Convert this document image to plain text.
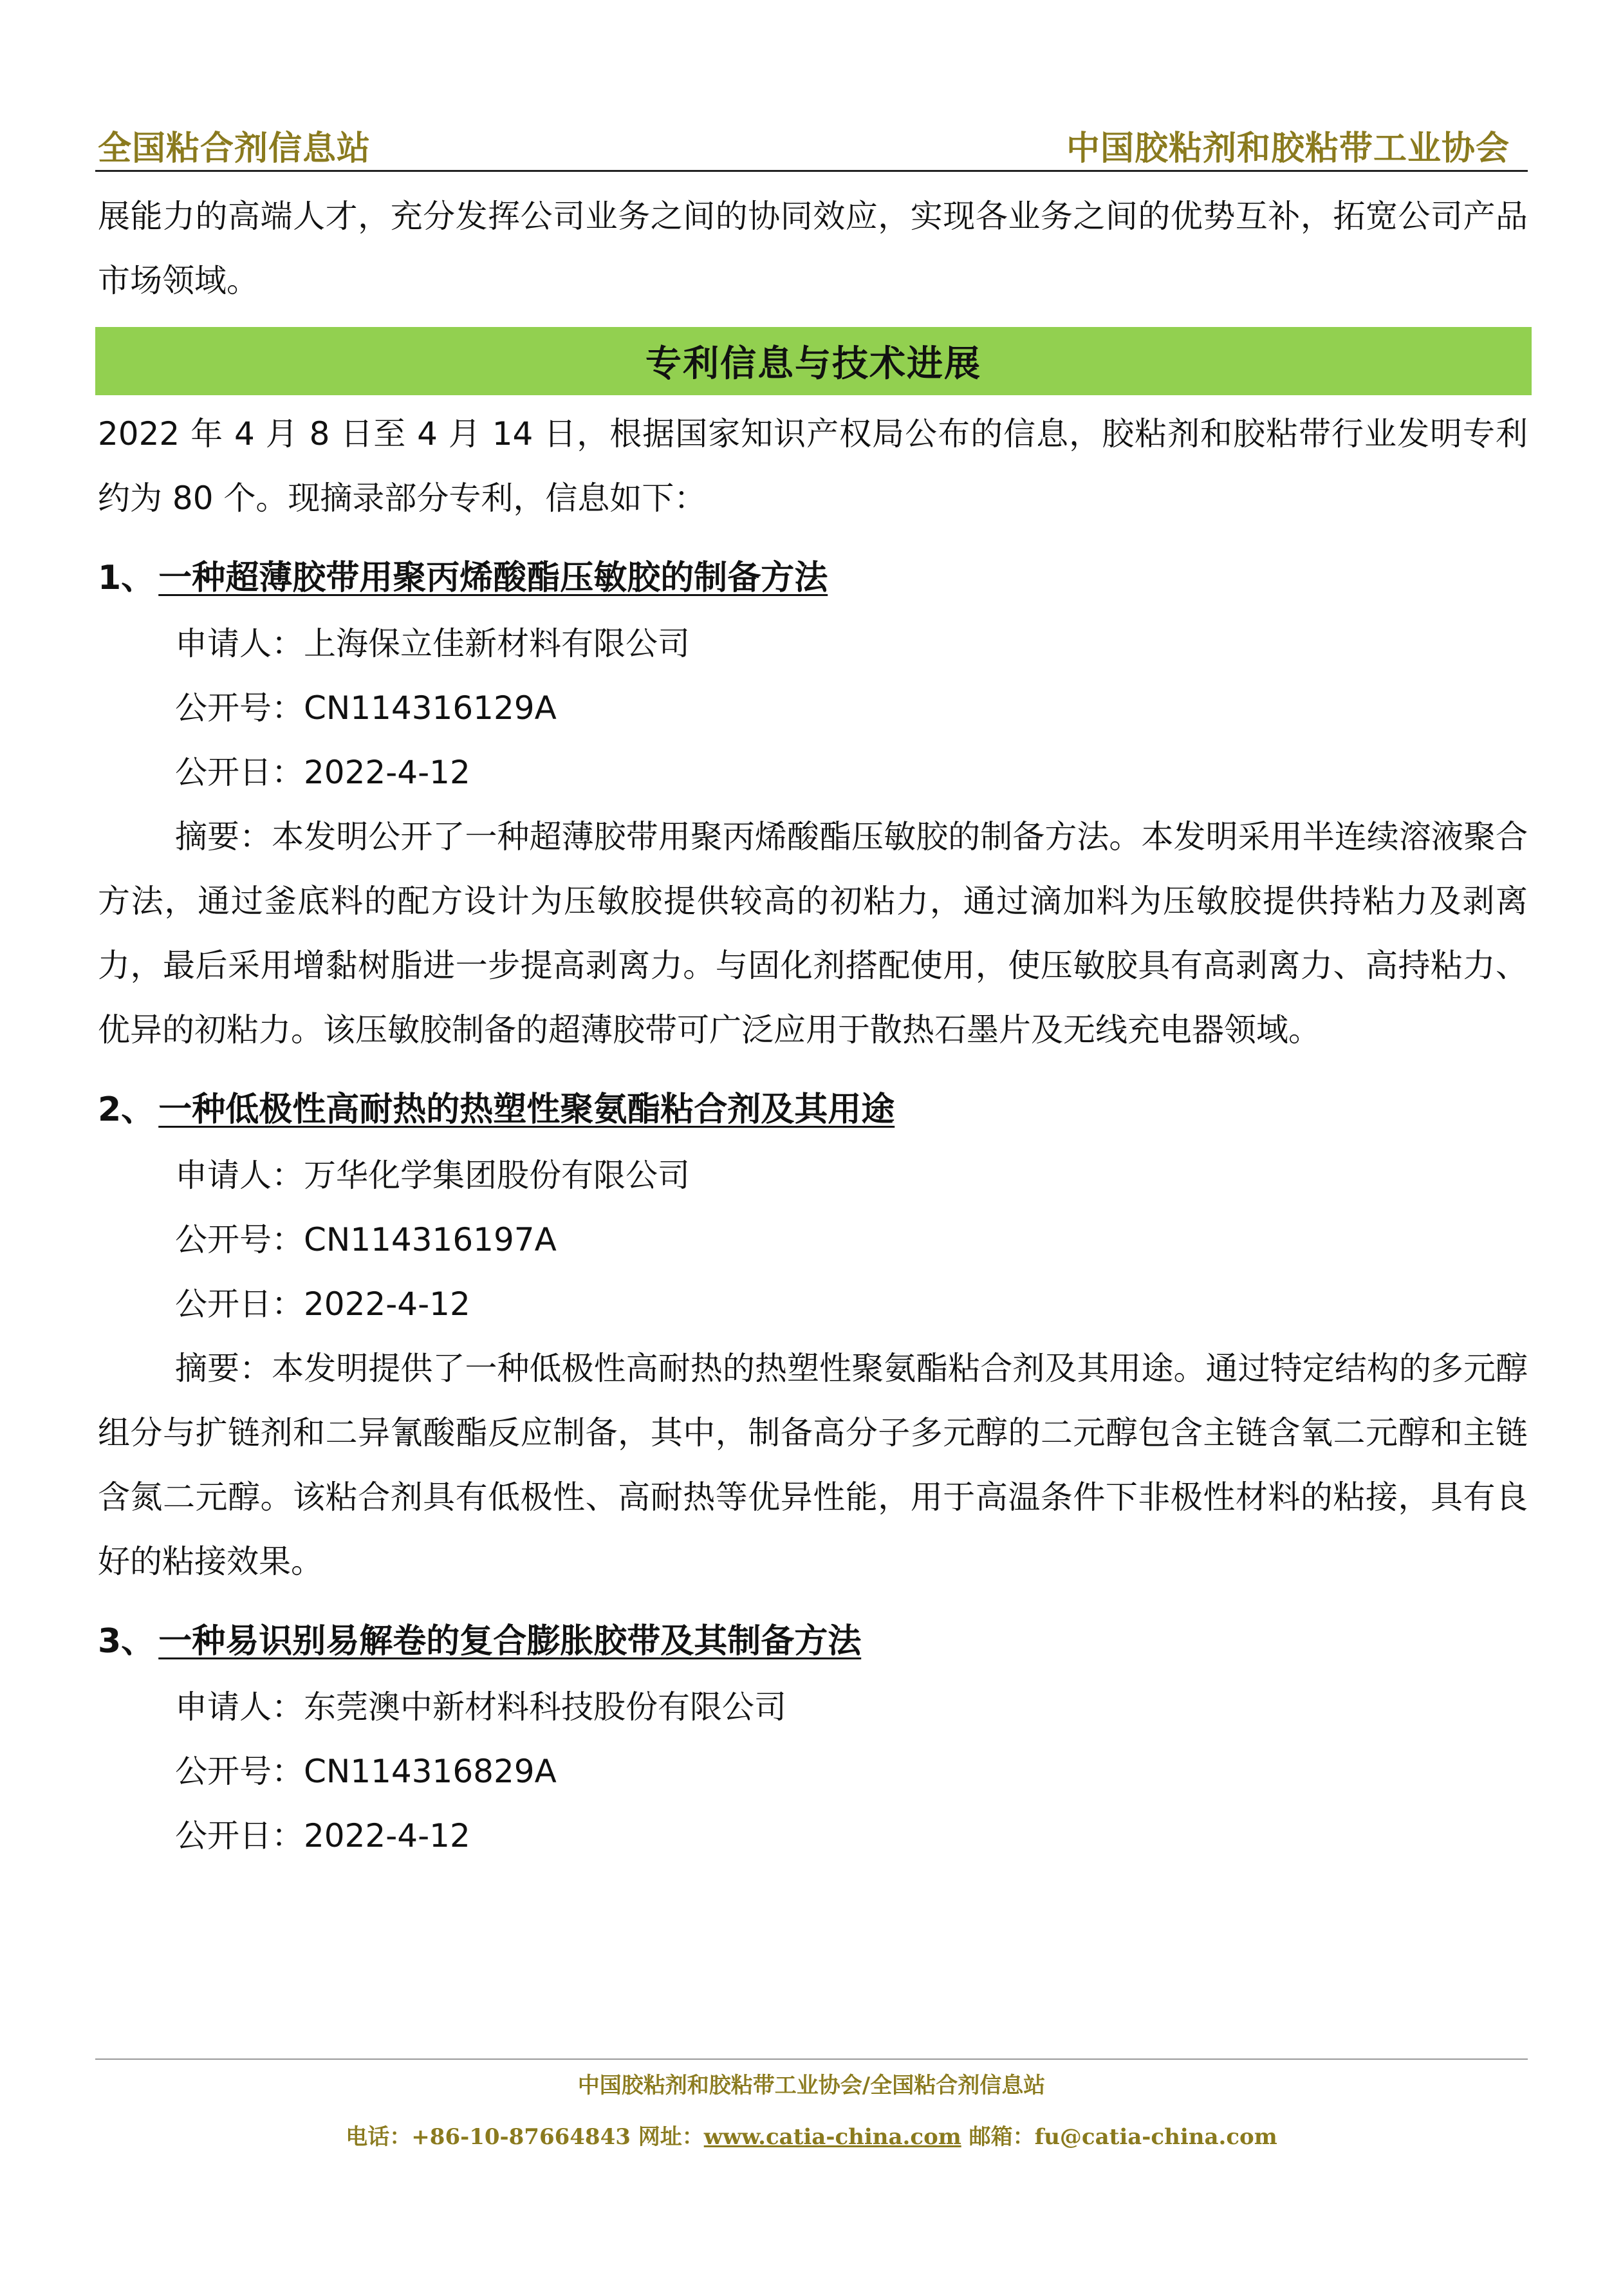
全国粘合剂信息站	中国胶粘剂和胶粘带工业协会

展能力的高端人才，充分发挥公司业务之间的协同效应，实现各业务之间的优势互补，拓宽公司产品市场领域。

专利信息与技术进展

2022 年 4 月 8 日至 4 月 14 日，根据国家知识产权局公布的信息，胶粘剂和胶粘带行业发明专利约为 80 个。现摘录部分专利，信息如下：

1、 一种超薄胶带用聚丙烯酸酯压敏胶的制备方法

申请人：上海保立佳新材料有限公司

公开号：CN114316129A

公开日：2022-4-12

摘要：本发明公开了一种超薄胶带用聚丙烯酸酯压敏胶的制备方法。本发明采用半连续溶液聚合方法，通过釜底料的配方设计为压敏胶提供较高的初粘力，通过滴加料为压敏胶提供持粘力及剥离力，最后采用增黏树脂进一步提高剥离力。与固化剂搭配使用，使压敏胶具有高剥离力、高持粘力、优异的初粘力。该压敏胶制备的超薄胶带可广泛应用于散热石墨片及无线充电器领域。

2、 一种低极性高耐热的热塑性聚氨酯粘合剂及其用途

申请人：万华化学集团股份有限公司

公开号：CN114316197A

公开日：2022-4-12

摘要：本发明提供了一种低极性高耐热的热塑性聚氨酯粘合剂及其用途。通过特定结构的多元醇组分与扩链剂和二异氰酸酯反应制备，其中，制备高分子多元醇的二元醇包含主链含氧二元醇和主链含氮二元醇。该粘合剂具有低极性、高耐热等优异性能，用于高温条件下非极性材料的粘接，具有良好的粘接效果。

3、 一种易识别易解卷的复合膨胀胶带及其制备方法

申请人：东莞澳中新材料科技股份有限公司

公开号：CN114316829A

公开日：2022-4-12

中国胶粘剂和胶粘带工业协会/全国粘合剂信息站
电话：+86-10-87664843 网址：www.catia-china.com 邮箱：fu@catia-china.com
